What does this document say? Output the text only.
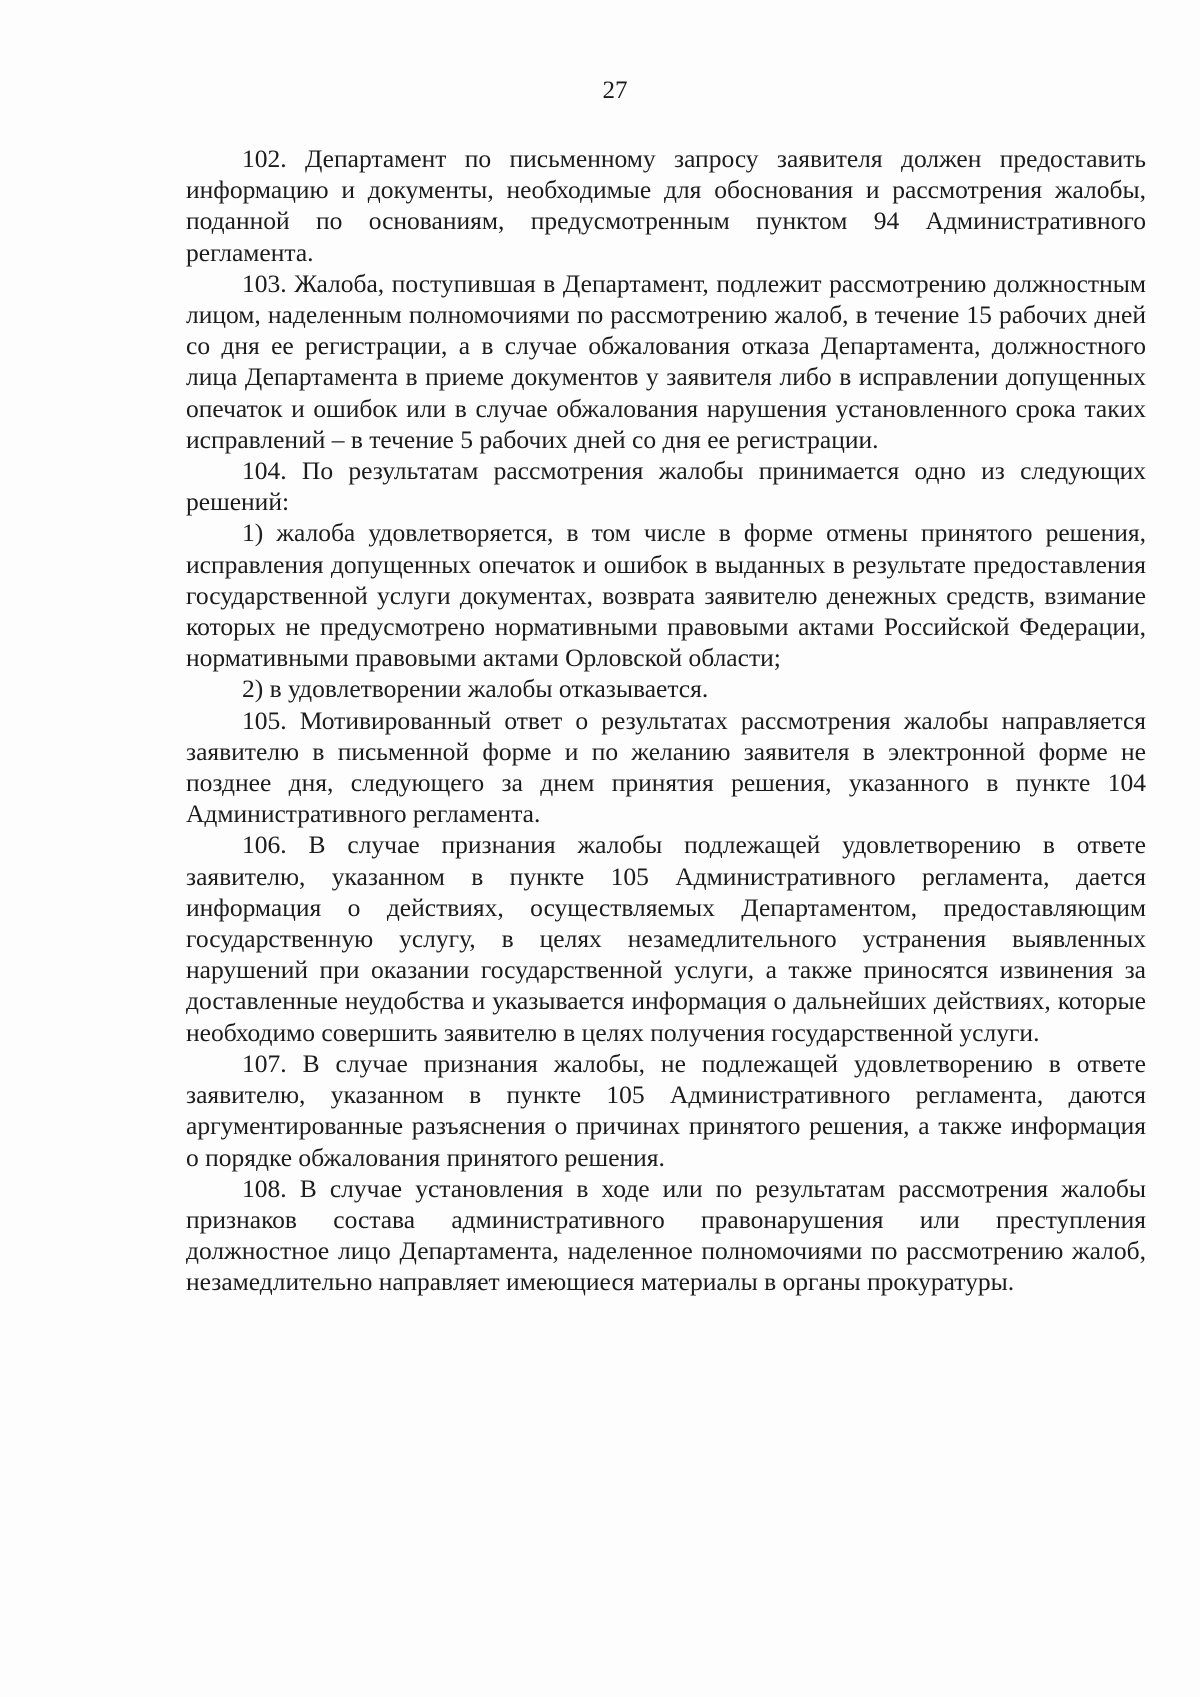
27

102. Департамент по письменному запросу заявителя должен предоставить информацию и документы, необходимые для обоснования и рассмотрения жалобы, поданной по основаниям, предусмотренным пунктом 94 Административного регламента.

103. Жалоба, поступившая в Департамент, подлежит рассмотрению должностным лицом, наделенным полномочиями по рассмотрению жалоб, в течение 15 рабочих дней со дня ее регистрации, а в случае обжалования отказа Департамента, должностного лица Департамента в приеме документов у заявителя либо в исправлении допущенных опечаток и ошибок или в случае обжалования нарушения установленного срока таких исправлений – в течение 5 рабочих дней со дня ее регистрации.

104. По результатам рассмотрения жалобы принимается одно из следующих решений:

1) жалоба удовлетворяется, в том числе в форме отмены принятого решения, исправления допущенных опечаток и ошибок в выданных в результате предоставления государственной услуги документах, возврата заявителю денежных средств, взимание которых не предусмотрено нормативными правовыми актами Российской Федерации, нормативными правовыми актами Орловской области;

2) в удовлетворении жалобы отказывается.

105. Мотивированный ответ о результатах рассмотрения жалобы направляется заявителю в письменной форме и по желанию заявителя в электронной форме не позднее дня, следующего за днем принятия решения, указанного в пункте 104 Административного регламента.

106. В случае признания жалобы подлежащей удовлетворению в ответе заявителю, указанном в пункте 105 Административного регламента, дается информация о действиях, осуществляемых Департаментом, предоставляющим государственную услугу, в целях незамедлительного устранения выявленных нарушений при оказании государственной услуги, а также приносятся извинения за доставленные неудобства и указывается информация о дальнейших действиях, которые необходимо совершить заявителю в целях получения государственной услуги.

107. В случае признания жалобы, не подлежащей удовлетворению в ответе заявителю, указанном в пункте 105 Административного регламента, даются аргументированные разъяснения о причинах принятого решения, а также информация о порядке обжалования принятого решения.

108. В случае установления в ходе или по результатам рассмотрения жалобы признаков состава административного правонарушения или преступления должностное лицо Департамента, наделенное полномочиями по рассмотрению жалоб, незамедлительно направляет имеющиеся материалы в органы прокуратуры.
